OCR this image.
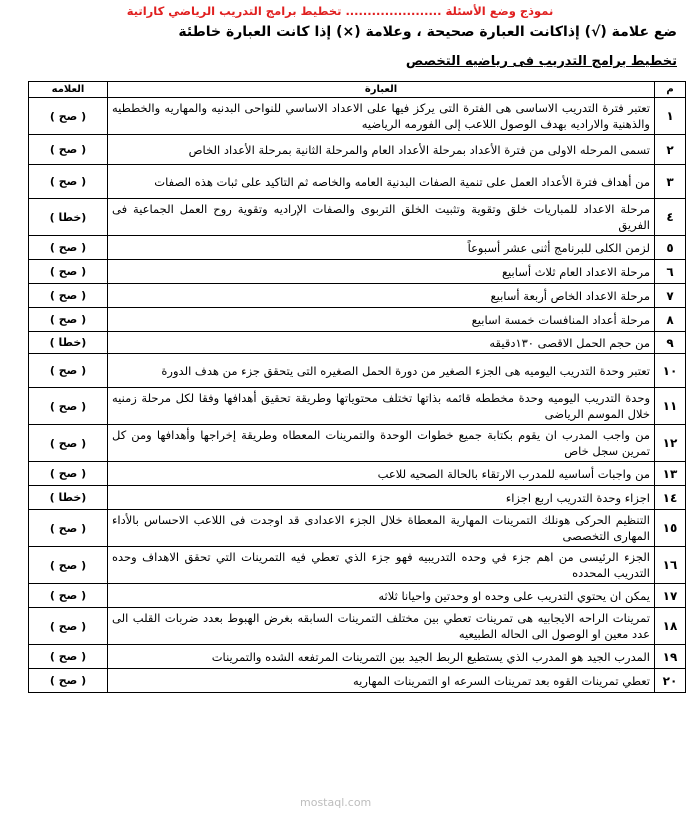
نموذج وضع الأسئلة ...................... تخطيط برامج التدريب الرياضي كاراتية
ضع علامة (√) إذاكانت العبارة صحيحة ، وعلامة (×) إذا كانت العبارة خاطئة
تخطيط برامج التدريب فى رياضيه التخصص
م	العبارة	العلامه
١	تعتبر فترة التدريب الاساسى هى الفترة التى يركز فيها على الاعداد الاساسي للنواحى البدنيه والمهاريه والخططيه والذهنية والاراديه بهدف الوصول اللاعب إلى الفورمه الرياضيه	( صح )
٢	تسمى المرحله الاولى من فترة الأعداد بمرحلة الأعداد العام والمرحلة الثانية بمرحلة الأعداد الخاص	( صح )
٣	من أهداف فترة الأعداد العمل على تنمية الصفات البدنية العامه والخاصه ثم التاكيد على ثبات هذه الصفات	( صح )
٤	مرحلة الاعداد للمباريات خلق وتقوية وتثبيت الخلق التربوى والصفات الإراديه وتقوية روح العمل الجماعية فى الفريق	(خطا )
٥	لزمن الكلى للبرنامج أثنى عشر أسبوعاً	( صح )
٦	مرحلة الاعداد العام ثلاث أسابيع	( صح )
٧	مرحلة الاعداد الخاص أربعة أسابيع	( صح )
٨	مرحلة أعداد المنافسات خمسة اسابيع	( صح )
٩	من حجم الحمل الاقصى ١٣٠دقيقه	(خطا )
١٠	تعتبر وحدة التدريب اليوميه هى الجزء الصغير من دورة الحمل الصغيره التى يتحقق جزء من هدف الدورة	( صح )
١١	وحدة التدريب اليوميه وحدة مخططه قائمه بذاتها تختلف محتوياتها وطريقة تحقيق أهدافها وفقا لكل مرحلة زمنيه خلال الموسم الرياضى	( صح )
١٢	من واجب المدرب ان يقوم بكتابة جميع خطوات الوحدة والتمرينات المعطاه وطريقة إخراجها وأهدافها ومن كل تمرين سجل خاص	( صح )
١٣	من واجبات أساسيه للمدرب الارتقاء بالحالة الصحيه للاعب	( صح )
١٤	اجزاء وحدة التدريب اربع اجزاء	(خطا )
١٥	التنظيم الحركى هونلك التمرينات المهارية المعطاة خلال الجزء الاعدادى قد اوجدت فى اللاعب الاحساس بالأداء المهارى التخصصى	( صح )
١٦	الجزء الرئيسى من اهم جزء في وحده التدريبيه فهو جزء الذي تعطي فيه التمرينات التي تحقق الاهداف وحده التدريب المحدده	( صح )
١٧	يمكن ان يحتوي التدريب على وحده او وحدتين واحيانا ثلاثه	( صح )
١٨	تمرينات الراحه الايجابيه هى تمرينات تعطي بين مختلف التمرينات السابقه بغرض الهبوط بعدد ضربات القلب الى عدد معين او الوصول الى الحاله الطبيعيه	( صح )
١٩	المدرب الجيد هو المدرب الذي يستطيع الربط الجيد بين التمرينات المرتفعه الشده والتمرينات	( صح )
٢٠	تعطي تمرينات القوه بعد تمرينات السرعه او التمرينات المهاريه	( صح )
mostaql.com
